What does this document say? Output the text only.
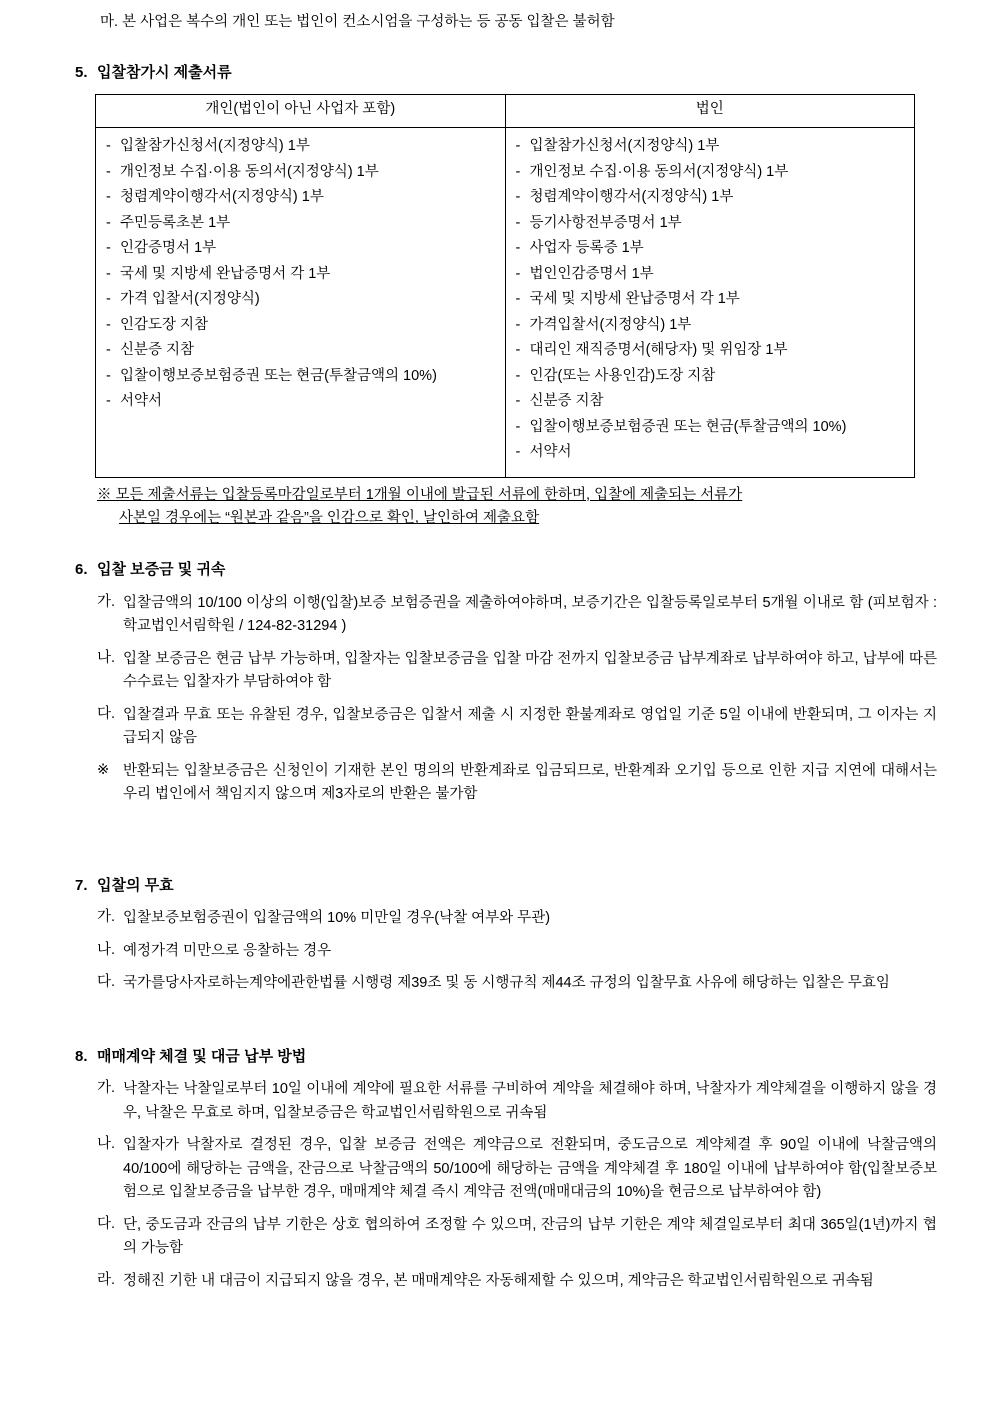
마. 본 사업은 복수의 개인 또는 법인이 컨소시엄을 구성하는 등 공동 입찰은 불허함
5. 입찰참가시 제출서류
개인(법인이 아닌 사업자 포함)	법인

- 입찰참가신청서(지정양식) 1부
- 개인정보 수집·이용 동의서(지정양식) 1부
- 청렴계약이행각서(지정양식) 1부
- 주민등록초본 1부
- 인감증명서 1부
- 국세 및 지방세 완납증명서 각 1부
- 가격 입찰서(지정양식)
- 인감도장 지참
- 신분증 지참
- 입찰이행보증보험증권 또는 현금(투찰금액의 10%)
- 서약서

- 입찰참가신청서(지정양식) 1부
- 개인정보 수집·이용 동의서(지정양식) 1부
- 청렴계약이행각서(지정양식) 1부
- 등기사항전부증명서 1부
- 사업자 등록증 1부
- 법인인감증명서 1부
- 국세 및 지방세 완납증명서 각 1부
- 가격입찰서(지정양식) 1부
- 대리인 재직증명서(해당자) 및 위임장 1부
- 인감(또는 사용인감)도장 지참
- 신분증 지참
- 입찰이행보증보험증권 또는 현금(투찰금액의 10%)
- 서약서
※ 모든 제출서류는 입찰등록마감일로부터 1개월 이내에 발급된 서류에 한하며, 입찰에 제출되는 서류가
사본일 경우에는 “원본과 같음”을 인감으로 확인, 날인하여 제출요함
6. 입찰 보증금 및 귀속
가. 입찰금액의 10/100 이상의 이행(입찰)보증 보험증권을 제출하여야하며, 보증기간은 입찰등록일로부터 5개월 이내로 함 (피보험자 : 학교법인서림학원 / 124-82-31294 )
나. 입찰 보증금은 현금 납부 가능하며, 입찰자는 입찰보증금을 입찰 마감 전까지 입찰보증금 납부계좌로 납부하여야 하고, 납부에 따른 수수료는 입찰자가 부담하여야 함
다. 입찰결과 무효 또는 유찰된 경우, 입찰보증금은 입찰서 제출 시 지정한 환불계좌로 영업일 기준 5일 이내에 반환되며, 그 이자는 지급되지 않음
※ 반환되는 입찰보증금은 신청인이 기재한 본인 명의의 반환계좌로 입금되므로, 반환계좌 오기입 등으로 인한 지급 지연에 대해서는 우리 법인에서 책임지지 않으며 제3자로의 반환은 불가함
7. 입찰의 무효
가. 입찰보증보험증권이 입찰금액의 10% 미만일 경우(낙찰 여부와 무관)
나. 예정가격 미만으로 응찰하는 경우
다. 국가를당사자로하는계약에관한법률 시행령 제39조 및 동 시행규칙 제44조 규정의 입찰무효 사유에 해당하는 입찰은 무효임
8. 매매계약 체결 및 대금 납부 방법
가. 낙찰자는 낙찰일로부터 10일 이내에 계약에 필요한 서류를 구비하여 계약을 체결해야 하며, 낙찰자가 계약체결을 이행하지 않을 경우, 낙찰은 무효로 하며, 입찰보증금은 학교법인서림학원으로 귀속됨
나. 입찰자가 낙찰자로 결정된 경우, 입찰 보증금 전액은 계약금으로 전환되며, 중도금으로 계약체결 후 90일 이내에 낙찰금액의 40/100에 해당하는 금액을, 잔금으로 낙찰금액의 50/100에 해당하는 금액을 계약체결 후 180일 이내에 납부하여야 함(입찰보증보험으로 입찰보증금을 납부한 경우, 매매계약 체결 즉시 계약금 전액(매매대금의 10%)을 현금으로 납부하여야 함)
다. 단, 중도금과 잔금의 납부 기한은 상호 협의하여 조정할 수 있으며, 잔금의 납부 기한은 계약 체결일로부터 최대 365일(1년)까지 협의 가능함
라. 정해진 기한 내 대금이 지급되지 않을 경우, 본 매매계약은 자동해제할 수 있으며, 계약금은 학교법인서림학원으로 귀속됨
